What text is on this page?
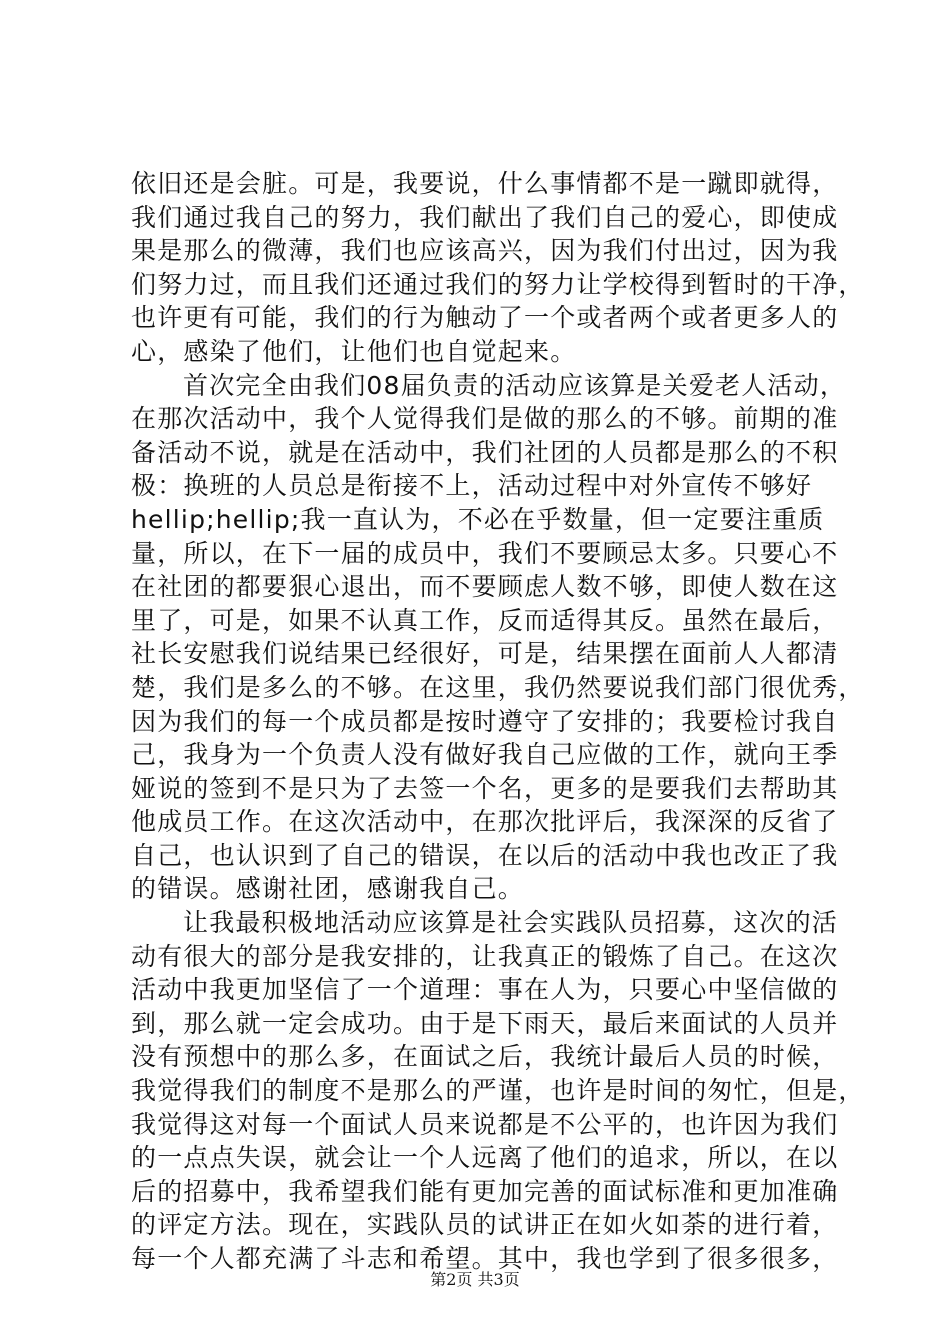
依旧还是会脏。可是，我要说，什么事情都不是一蹴即就得，
我们通过我自己的努力，我们献出了我们自己的爱心，即使成
果是那么的微薄，我们也应该高兴，因为我们付出过，因为我
们努力过，而且我们还通过我们的努力让学校得到暂时的干净，
也许更有可能，我们的行为触动了一个或者两个或者更多人的
心，感染了他们，让他们也自觉起来。
首次完全由我们08届负责的活动应该算是关爱老人活动，
在那次活动中，我个人觉得我们是做的那么的不够。前期的准
备活动不说，就是在活动中，我们社团的人员都是那么的不积
极：换班的人员总是衔接不上，活动过程中对外宣传不够好
hellip;hellip;我一直认为，不必在乎数量，但一定要注重质
量，所以，在下一届的成员中，我们不要顾忌太多。只要心不
在社团的都要狠心退出，而不要顾虑人数不够，即使人数在这
里了，可是，如果不认真工作，反而适得其反。虽然在最后，
社长安慰我们说结果已经很好，可是，结果摆在面前人人都清
楚，我们是多么的不够。在这里，我仍然要说我们部门很优秀，
因为我们的每一个成员都是按时遵守了安排的；我要检讨我自
己，我身为一个负责人没有做好我自己应做的工作，就向王季
娅说的签到不是只为了去签一个名，更多的是要我们去帮助其
他成员工作。在这次活动中，在那次批评后，我深深的反省了
自己，也认识到了自己的错误，在以后的活动中我也改正了我
的错误。感谢社团，感谢我自己。
让我最积极地活动应该算是社会实践队员招募，这次的活
动有很大的部分是我安排的，让我真正的锻炼了自己。在这次
活动中我更加坚信了一个道理：事在人为，只要心中坚信做的
到，那么就一定会成功。由于是下雨天，最后来面试的人员并
没有预想中的那么多，在面试之后，我统计最后人员的时候，
我觉得我们的制度不是那么的严谨，也许是时间的匆忙，但是，
我觉得这对每一个面试人员来说都是不公平的，也许因为我们
的一点点失误，就会让一个人远离了他们的追求，所以，在以
后的招募中，我希望我们能有更加完善的面试标准和更加准确
的评定方法。现在，实践队员的试讲正在如火如荼的进行着，
每一个人都充满了斗志和希望。其中，我也学到了很多很多，
第2页 共3页
